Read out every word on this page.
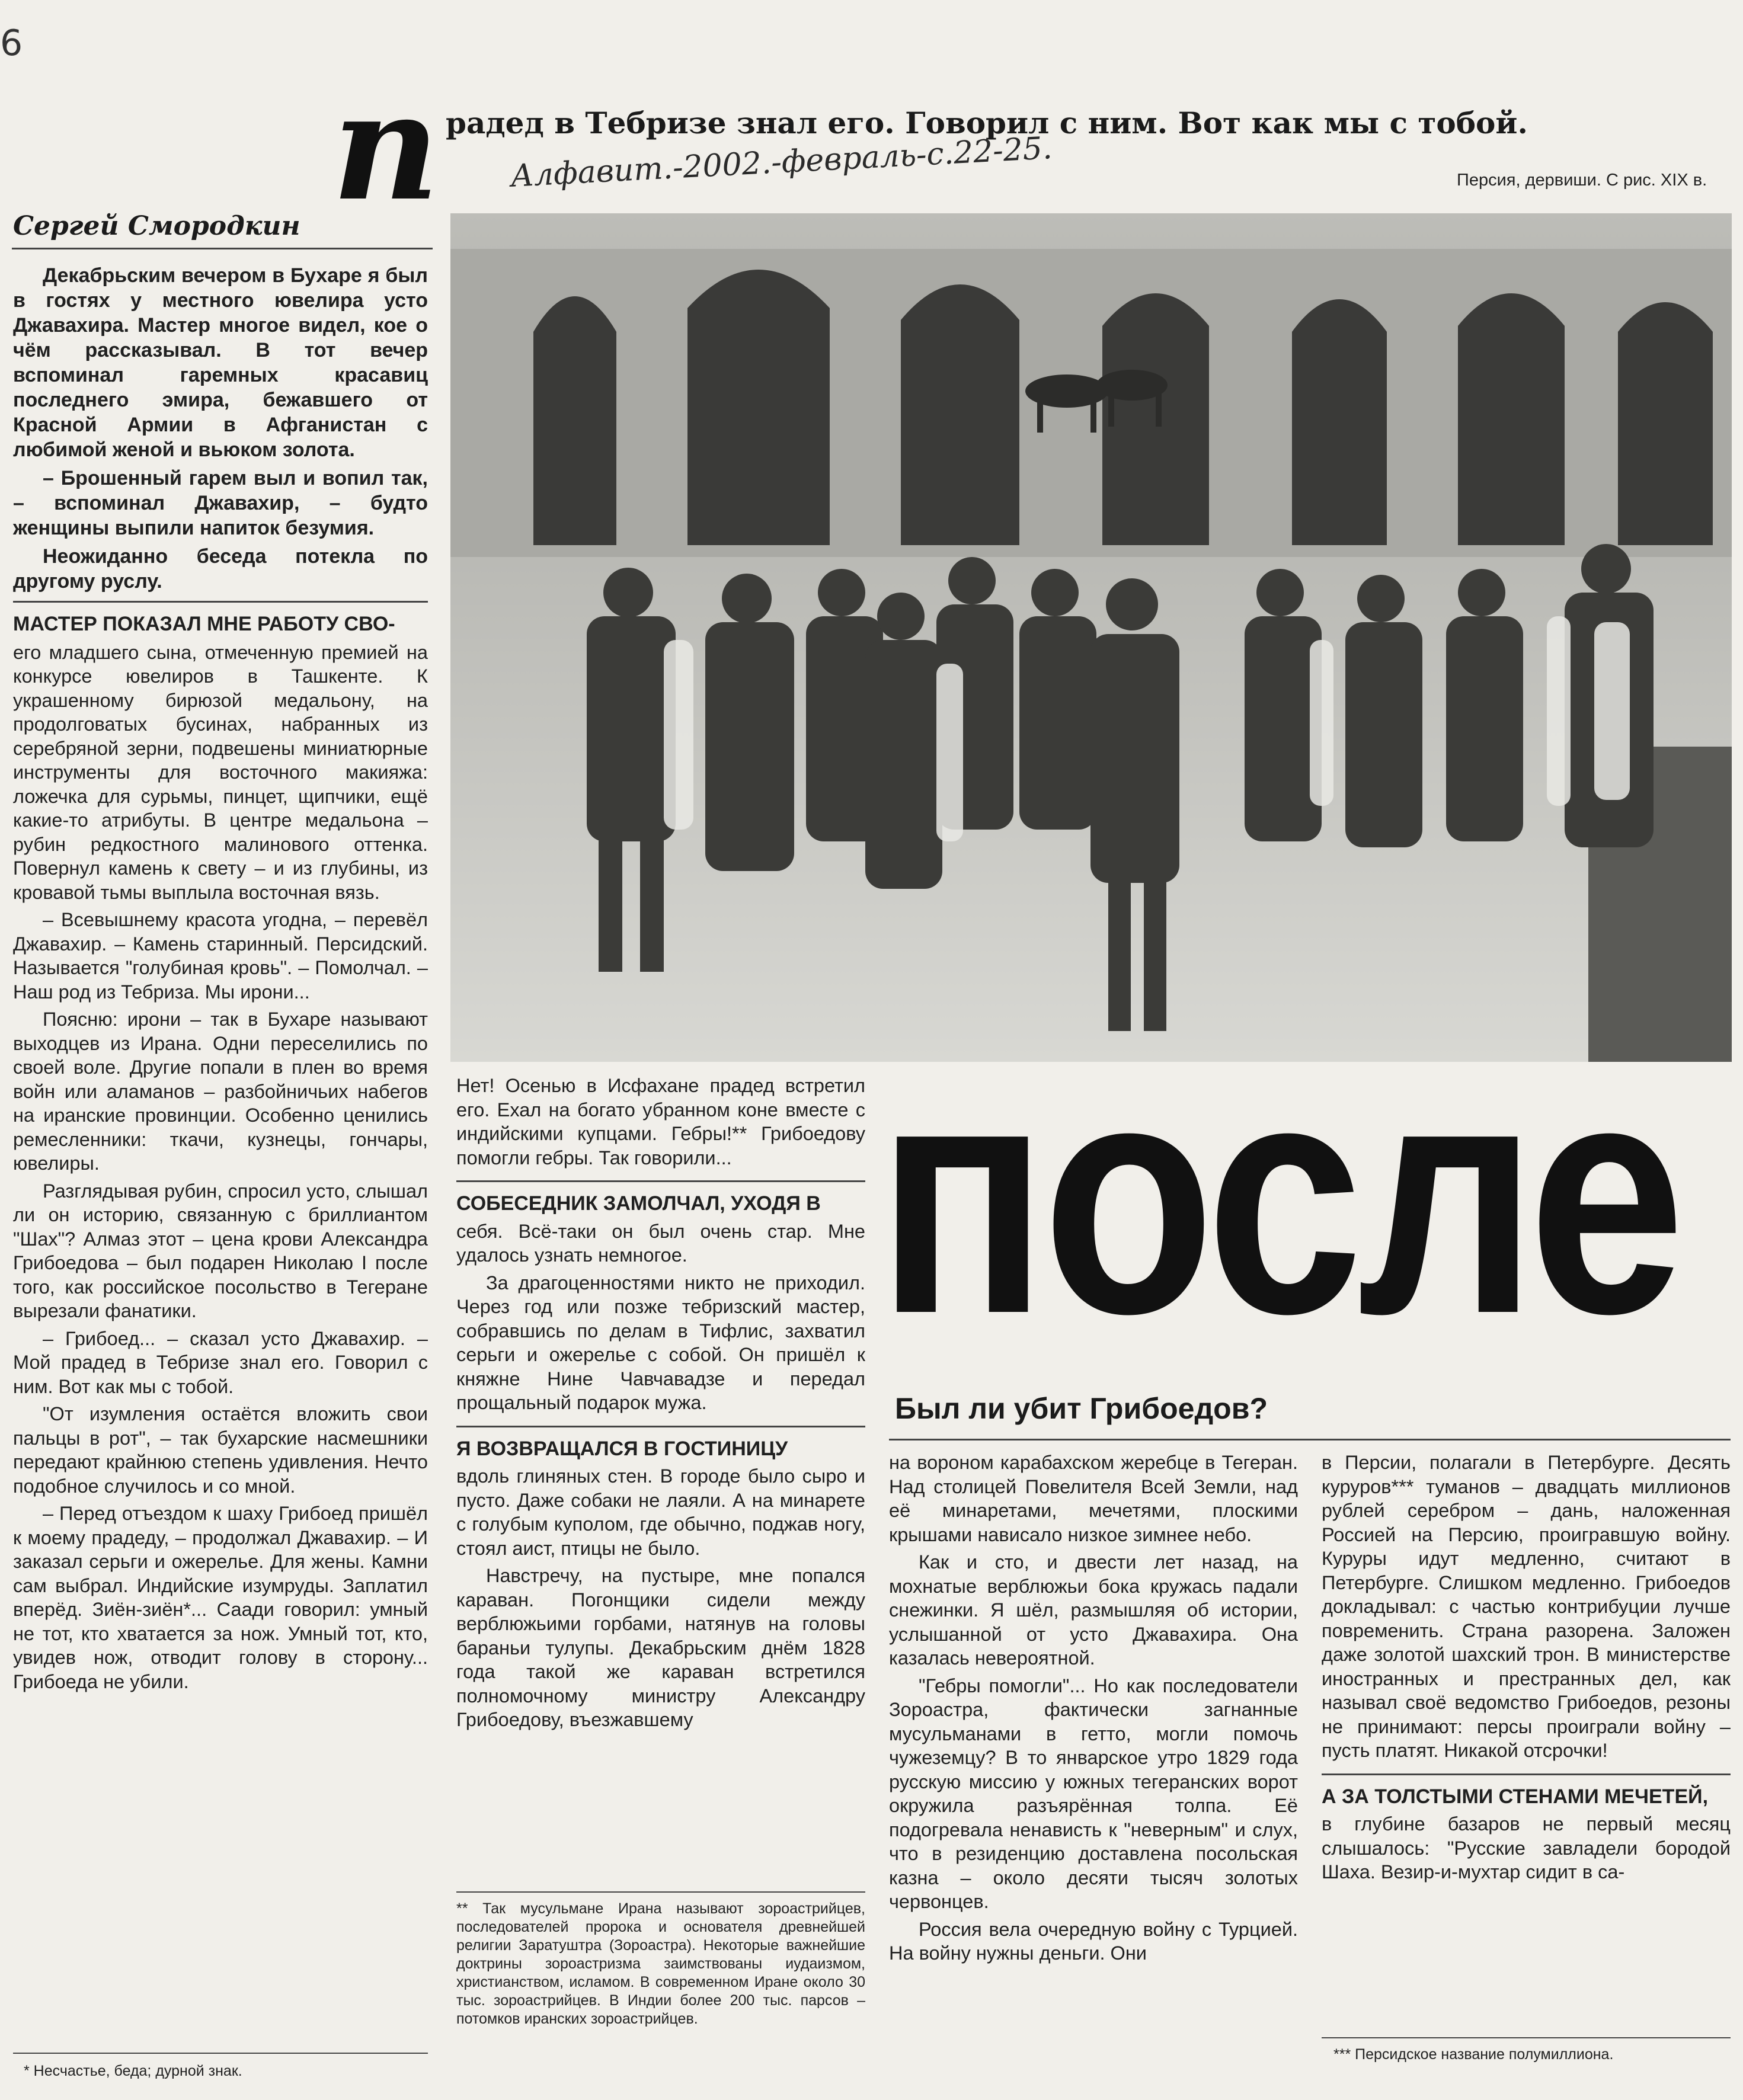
6
п радед в Тебризе знал его. Говорил с ним. Вот как мы с тобой.
Алфавит.-2002.-февраль-с.22-25.	Персия, дервиши. С рис. XIX в.
Сергей Смородкин

Декабрьским вечером в Бухаре я был в гостях у местного ювелира усто Джавахира. Мастер многое видел, кое о чём рассказывал. В тот вечер вспоминал гаремных красавиц последнего эмира, бежавшего от Красной Армии в Афганистан с любимой женой и вьюком золота.

– Брошенный гарем выл и вопил так, – вспоминал Джавахир, – будто женщины выпили напиток безумия.

Неожиданно беседа потекла по другому руслу.

МАСТЕР ПОКАЗАЛ МНЕ РАБОТУ СВО-

его младшего сына, отмеченную премией на конкурсе ювелиров в Ташкенте. К украшенному бирюзой медальону, на продолговатых бусинах, набранных из серебряной зерни, подвешены миниатюрные инструменты для восточного макияжа: ложечка для сурьмы, пинцет, щипчики, ещё какие-то атрибуты. В центре медальона – рубин редкостного малинового оттенка. Повернул камень к свету – и из глубины, из кровавой тьмы выплыла восточная вязь.

– Всевышнему красота угодна, – перевёл Джавахир. – Камень старинный. Персидский. Называется "голубиная кровь". – Помолчал. – Наш род из Тебриза. Мы ирони...

Поясню: ирони – так в Бухаре называют выходцев из Ирана. Одни переселились по своей воле. Другие попали в плен во время войн или аламанов – разбойничьих набегов на иранские провинции. Особенно ценились ремесленники: ткачи, кузнецы, гончары, ювелиры.

Разглядывая рубин, спросил усто, слышал ли он историю, связанную с бриллиантом "Шах"? Алмаз этот – цена крови Александра Грибоедова – был подарен Николаю I после того, как российское посольство в Тегеране вырезали фанатики.

– Грибоед... – сказал усто Джавахир. – Мой прадед в Тебризе знал его. Говорил с ним. Вот как мы с тобой.

"От изумления остаётся вложить свои пальцы в рот", – так бухарские насмешники передают крайнюю степень удивления. Нечто подобное случилось и со мной.

– Перед отъездом к шаху Грибоед пришёл к моему прадеду, – продолжал Джавахир. – И заказал серьги и ожерелье. Для жены. Камни сам выбрал. Индийские изумруды. Заплатил вперёд. Зиён-зиён*... Саади говорил: умный не тот, кто хватается за нож. Умный тот, кто, увидев нож, отводит голову в сторону... Грибоеда не убили.

* Несчастье, беда; дурной знак.

Нет! Осенью в Исфахане прадед встретил его. Ехал на богато убранном коне вместе с индийскими купцами. Гебры!** Грибоедову помогли гебры. Так говорили...

СОБЕСЕДНИК ЗАМОЛЧАЛ, УХОДЯ В

себя. Всё-таки он был очень стар. Мне удалось узнать немногое.

За драгоценностями никто не приходил. Через год или позже тебризский мастер, собравшись по делам в Тифлис, захватил серьги и ожерелье с собой. Он пришёл к княжне Нине Чавчавадзе и передал прощальный подарок мужа.

Я ВОЗВРАЩАЛСЯ В ГОСТИНИЦУ

вдоль глиняных стен. В городе было сыро и пусто. Даже собаки не лаяли. А на минарете с голубым куполом, где обычно, поджав ногу, стоял аист, птицы не было.

Навстречу, на пустыре, мне попался караван. Погонщики сидели между верблюжьими горбами, натянув на головы бараньи тулупы. Декабрьским днём 1828 года такой же караван встретился полномочному министру Александру Грибоедову, въезжавшему

** Так мусульмане Ирана называют зороастрийцев, последователей пророка и основателя древнейшей религии Заратуштра (Зороастра). Некоторые важнейшие доктрины зороастризма заимствованы иудаизмом, христианством, исламом. В современном Иране около 30 тыс. зороастрийцев. В Индии более 200 тыс. парсов – потомков иранских зороастрийцев.
после
Был ли убит Грибоедов?

на вороном карабахском жеребце в Тегеран. Над столицей Повелителя Всей Земли, над её минаретами, мечетями, плоскими крышами нависало низкое зимнее небо.

Как и сто, и двести лет назад, на мохнатые верблюжьи бока кружась падали снежинки. Я шёл, размышляя об истории, услышанной от усто Джавахира. Она казалась невероятной.

"Гебры помогли"... Но как последователи Зороастра, фактически загнанные мусульманами в гетто, могли помочь чужеземцу? В то январское утро 1829 года русскую миссию у южных тегеранских ворот окружила разъярённая толпа. Её подогревала ненависть к "неверным" и слух, что в резиденцию доставлена посольская казна – около десяти тысяч золотых червонцев.

Россия вела очередную войну с Турцией. На войну нужны деньги. Они

в Персии, полагали в Петербурге. Десять куруров*** туманов – двадцать миллионов рублей серебром – дань, наложенная Россией на Персию, проигравшую войну. Куруры идут медленно, считают в Петербурге. Слишком медленно. Грибоедов докладывал: с частью контрибуции лучше повременить. Страна разорена. Заложен даже золотой шахский трон. В министерстве иностранных и престранных дел, как называл своё ведомство Грибоедов, резоны не принимают: персы проиграли войну – пусть платят. Никакой отсрочки!

А ЗА ТОЛСТЫМИ СТЕНАМИ МЕЧЕТЕЙ,

в глубине базаров не первый месяц слышалось: "Русские завладели бородой Шаха. Везир-и-мухтар сидит в са-

*** Персидское название полумиллиона.
